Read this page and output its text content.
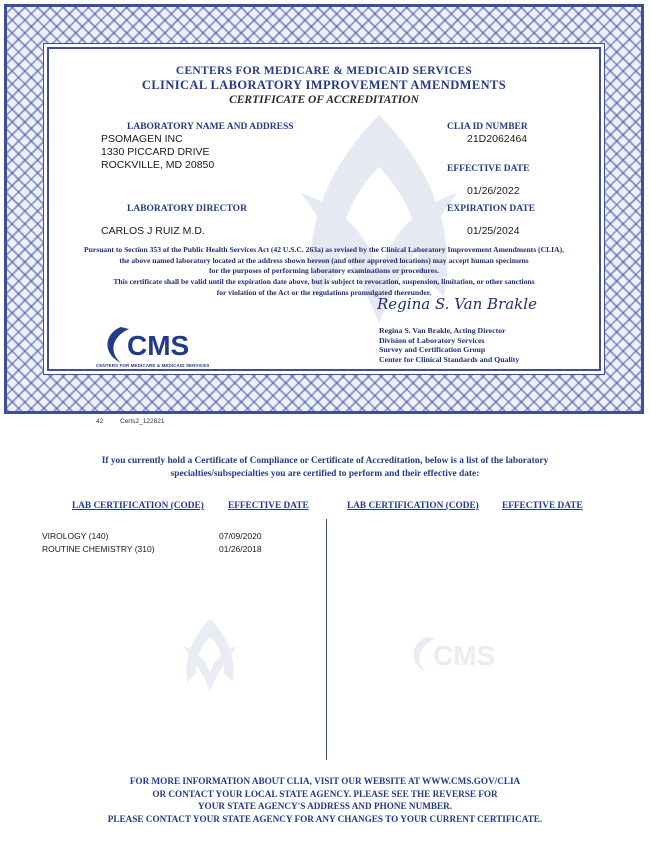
CENTERS FOR MEDICARE & MEDICAID SERVICES
CLINICAL LABORATORY IMPROVEMENT AMENDMENTS
CERTIFICATE OF ACCREDITATION
LABORATORY NAME AND ADDRESS
PSOMAGEN INC
1330 PICCARD DRIVE
ROCKVILLE, MD 20850
CLIA ID NUMBER
21D2062464
EFFECTIVE DATE
01/26/2022
LABORATORY DIRECTOR	EXPIRATION DATE
CARLOS J RUIZ M.D.	01/25/2024
Pursuant to Section 353 of the Public Health Services Act (42 U.S.C. 263a) as revised by the Clinical Laboratory Improvement Amendments (CLIA),
the above named laboratory located at the address shown hereon (and other approved locations) may accept human specimens
for the purposes of performing laboratory examinations or procedures.
This certificate shall be valid until the expiration date above, but is subject to revocation, suspension, limitation, or other sanctions
for violation of the Act or the regulations promulgated thereunder.
CMS
CENTERS FOR MEDICARE & MEDICAID SERVICES
Regina S. Van Brakle
Regina S. Van Brakle, Acting Director
Division of Laboratory Services
Survey and Certification Group
Center for Clinical Standards and Quality
42	Certs2_122821
If you currently hold a Certificate of Compliance or Certificate of Accreditation, below is a list of the laboratory
specialties/subspecialties you are certified to perform and their effective date:
LAB CERTIFICATION (CODE)	EFFECTIVE DATE	LAB CERTIFICATION (CODE)	EFFECTIVE DATE
VIROLOGY (140)	07/09/2020
ROUTINE CHEMISTRY (310)	01/26/2018
CMS
FOR MORE INFORMATION ABOUT CLIA, VISIT OUR WEBSITE AT WWW.CMS.GOV/CLIA
OR CONTACT YOUR LOCAL STATE AGENCY. PLEASE SEE THE REVERSE FOR
YOUR STATE AGENCY'S ADDRESS AND PHONE NUMBER.
PLEASE CONTACT YOUR STATE AGENCY FOR ANY CHANGES TO YOUR CURRENT CERTIFICATE.
